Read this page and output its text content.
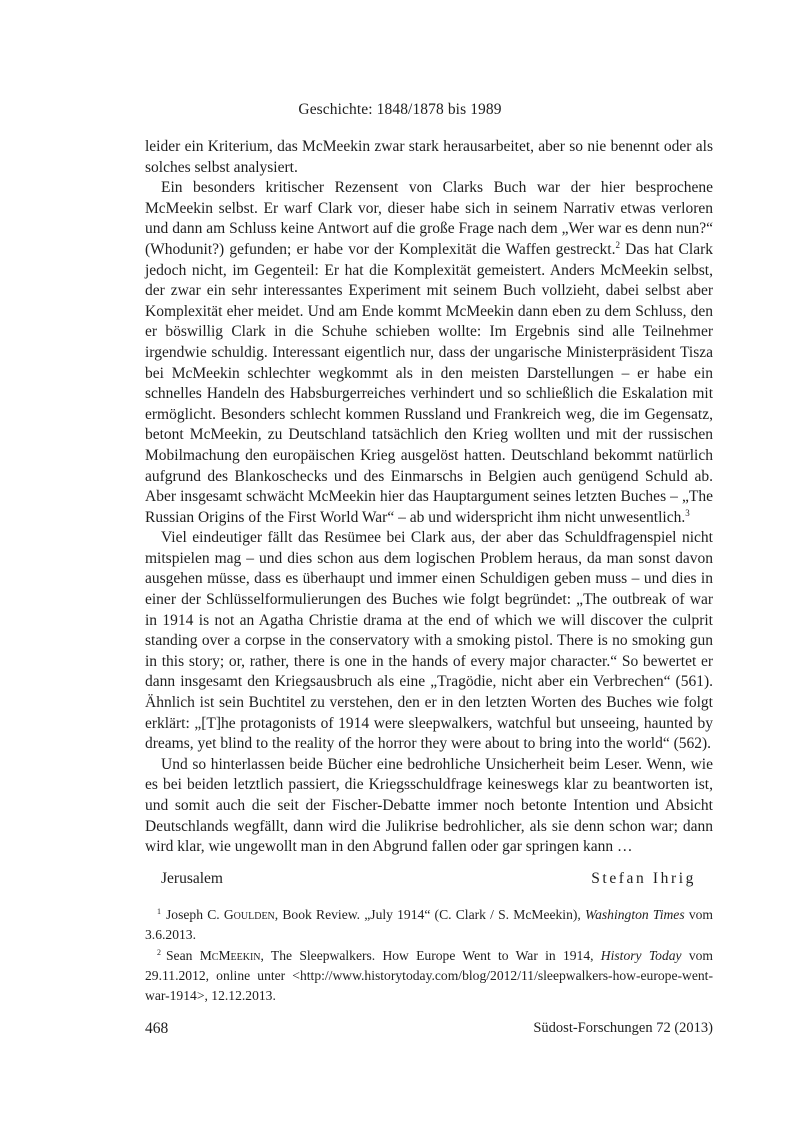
Geschichte: 1848/1878 bis 1989

leider ein Kriterium, das McMeekin zwar stark herausarbeitet, aber so nie benennt oder als solches selbst analysiert.

Ein besonders kritischer Rezensent von Clarks Buch war der hier besprochene McMeekin selbst. Er warf Clark vor, dieser habe sich in seinem Narrativ etwas verloren und dann am Schluss keine Antwort auf die große Frage nach dem „Wer war es denn nun?“ (Whodunit?) gefunden; er habe vor der Komplexität die Waffen gestreckt.$^2$ Das hat Clark jedoch nicht, im Gegenteil: Er hat die Komplexität gemeistert. Anders McMeekin selbst, der zwar ein sehr interessantes Experiment mit seinem Buch vollzieht, dabei selbst aber Komplexität eher meidet. Und am Ende kommt McMeekin dann eben zu dem Schluss, den er böswillig Clark in die Schuhe schieben wollte: Im Ergebnis sind alle Teilnehmer irgendwie schuldig. Interessant eigentlich nur, dass der ungarische Ministerpräsident Tisza bei McMeekin schlechter wegkommt als in den meisten Darstellungen – er habe ein schnelles Handeln des Habsburgerreiches verhindert und so schließlich die Eskalation mit ermöglicht. Besonders schlecht kommen Russland und Frankreich weg, die im Gegensatz, betont McMeekin, zu Deutschland tatsächlich den Krieg wollten und mit der russischen Mobilmachung den europäischen Krieg ausgelöst hatten. Deutschland bekommt natürlich aufgrund des Blankoschecks und des Einmarschs in Belgien auch genügend Schuld ab. Aber insgesamt schwächt McMeekin hier das Hauptargument seines letzten Buches – „The Russian Origins of the First World War“ – ab und widerspricht ihm nicht unwesentlich.$^3$

Viel eindeutiger fällt das Resümee bei Clark aus, der aber das Schuldfragenspiel nicht mitspielen mag – und dies schon aus dem logischen Problem heraus, da man sonst davon ausgehen müsse, dass es überhaupt und immer einen Schuldigen geben muss – und dies in einer der Schlüsselformulierungen des Buches wie folgt begründet: „The outbreak of war in 1914 is not an Agatha Christie drama at the end of which we will discover the culprit standing over a corpse in the conservatory with a smoking pistol. There is no smoking gun in this story; or, rather, there is one in the hands of every major character.“ So bewertet er dann insgesamt den Kriegsausbruch als eine „Tragödie, nicht aber ein Verbrechen“ (561). Ähnlich ist sein Buchtitel zu verstehen, den er in den letzten Worten des Buches wie folgt erklärt: „[T]he protagonists of 1914 were sleepwalkers, watchful but unseeing, haunted by dreams, yet blind to the reality of the horror they were about to bring into the world“ (562).

Und so hinterlassen beide Bücher eine bedrohliche Unsicherheit beim Leser. Wenn, wie es bei beiden letztlich passiert, die Kriegsschuldfrage keineswegs klar zu beantworten ist, und somit auch die seit der Fischer-Debatte immer noch betonte Intention und Absicht Deutschlands wegfällt, dann wird die Julikrise bedrohlicher, als sie denn schon war; dann wird klar, wie ungewollt man in den Abgrund fallen oder gar springen kann …

Jerusalem	Stefan Ihrig

$^1$ Joseph C. Goulden, Book Review. „July 1914“ (C. Clark / S. McMeekin), Washington Times vom 3.6.2013.

$^2$ Sean McMeekin, The Sleepwalkers. How Europe Went to War in 1914, History Today vom 29.11.2012, online unter <http://www.historytoday.com/blog/2012/11/sleepwalkers-how-europe-went-war-1914>, 12.12.2013.

468	Südost-Forschungen 72 (2013)
